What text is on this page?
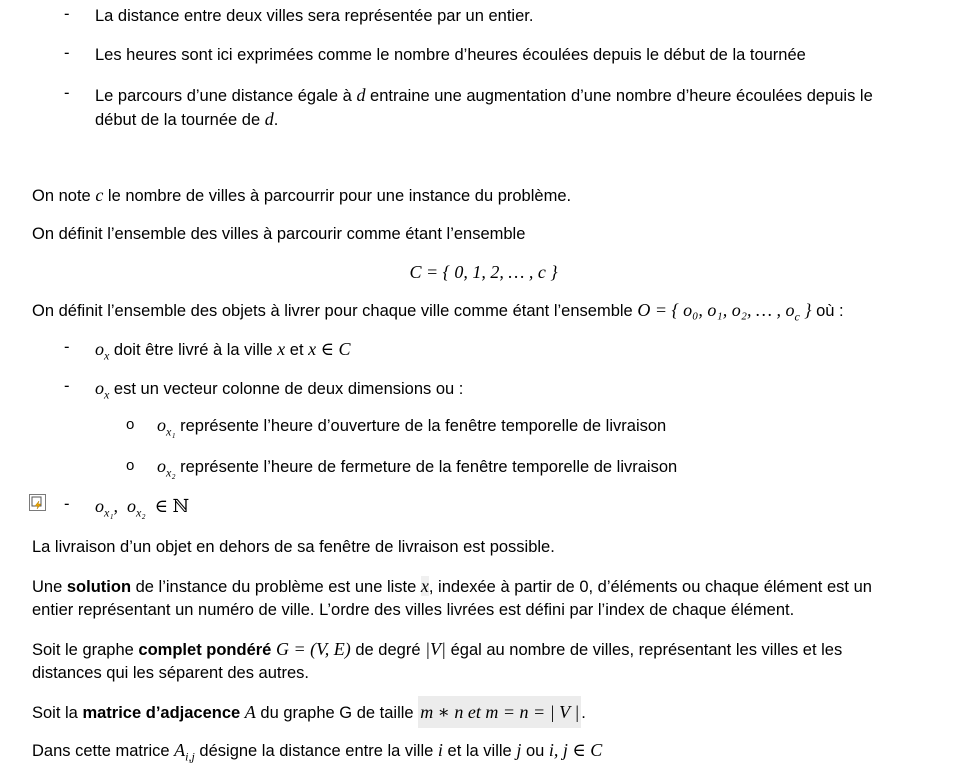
- La distance entre deux villes sera représentée par un entier.
- Les heures sont ici exprimées comme le nombre d’heures écoulées depuis le début de la tournée
- Le parcours d’une distance égale à d entraine une augmentation d’une nombre d’heure écoulées depuis le
début de la tournée de d.
On note c le nombre de villes à parcourrir pour une instance du problème.
On définit l’ensemble des villes à parcourir comme étant l’ensemble
C = { 0, 1, 2, … , c }
On définit l’ensemble des objets à livrer pour chaque ville comme étant l’ensemble O = { o₀, o₁, o₂, … , $o_c$ } où :
- $o_x$ doit être livré à la ville x et x ∈ C
- $o_x$ est un vecteur colonne de deux dimensions ou :
o $o_{x_1}$ représente l’heure d’ouverture de la fenêtre temporelle de livraison
o $o_{x_2}$ représente l’heure de fermeture de la fenêtre temporelle de livraison
- $o_{x_1}$, $o_{x_2}$ ∈ ℕ
La livraison d’un objet en dehors de sa fenêtre de livraison est possible.
Une solution de l’instance du problème est une liste x, indexée à partir de 0, d’éléments ou chaque élément est un
entier représentant un numéro de ville. L’ordre des villes livrées est défini par l’index de chaque élément.
Soit le graphe complet pondéré G = (V, E) de degré |V| égal au nombre de villes, représentant les villes et les
distances qui les séparent des autres.
Soit la matrice d’adjacence A du graphe G de taille m ∗ n et m = n = | V | .
Dans cette matrice $A_{i,j}$ désigne la distance entre la ville i et la ville j ou i, j ∈ C
